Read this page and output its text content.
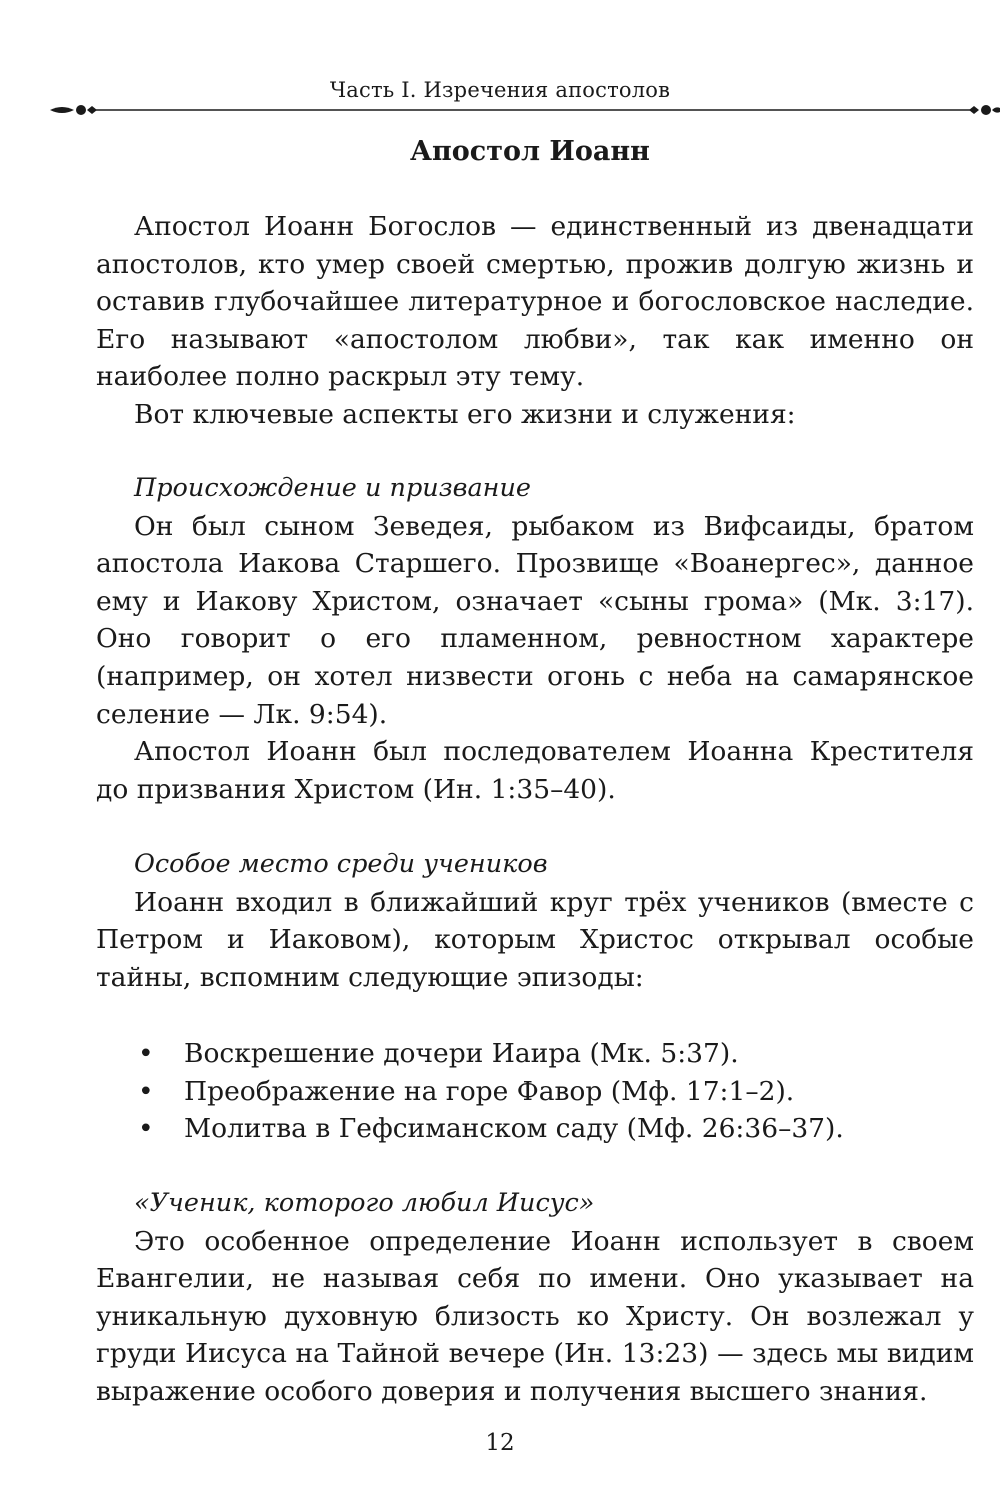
Часть I. Изречения апостолов
Апостол Иоанн

Апостол Иоанн Богослов — единственный из двенадцати апостолов, кто умер своей смертью, прожив долгую жизнь и оставив глубочайшее литературное и богословское наследие. Его называют «апостолом любви», так как именно он наиболее полно раскрыл эту тему.

Вот ключевые аспекты его жизни и служения:

Происхождение и призвание

Он был сыном Зеведея, рыбаком из Вифсаиды, братом апостола Иакова Старшего. Прозвище «Воанергес», данное ему и Иакову Христом, означает «сыны грома» (Мк. 3:17). Оно говорит о его пламенном, ревностном характере (например, он хотел низвести огонь с неба на самарянское селение — Лк. 9:54).

Апостол Иоанн был последователем Иоанна Крестителя до призвания Христом (Ин. 1:35–40).

Особое место среди учеников

Иоанн входил в ближайший круг трёх учеников (вместе с Петром и Иаковом), которым Христос открывал особые тайны, вспомним следующие эпизоды:

• Воскрешение дочери Иаира (Мк. 5:37).
• Преображение на горе Фавор (Мф. 17:1–2).
• Молитва в Гефсиманском саду (Мф. 26:36–37).

«Ученик, которого любил Иисус»

Это особенное определение Иоанн использует в своем Евангелии, не называя себя по имени. Оно указывает на уникальную духовную близость ко Христу. Он возлежал у груди Иисуса на Тайной вечере (Ин. 13:23) — здесь мы видим выражение особого доверия и получения высшего знания.

12
